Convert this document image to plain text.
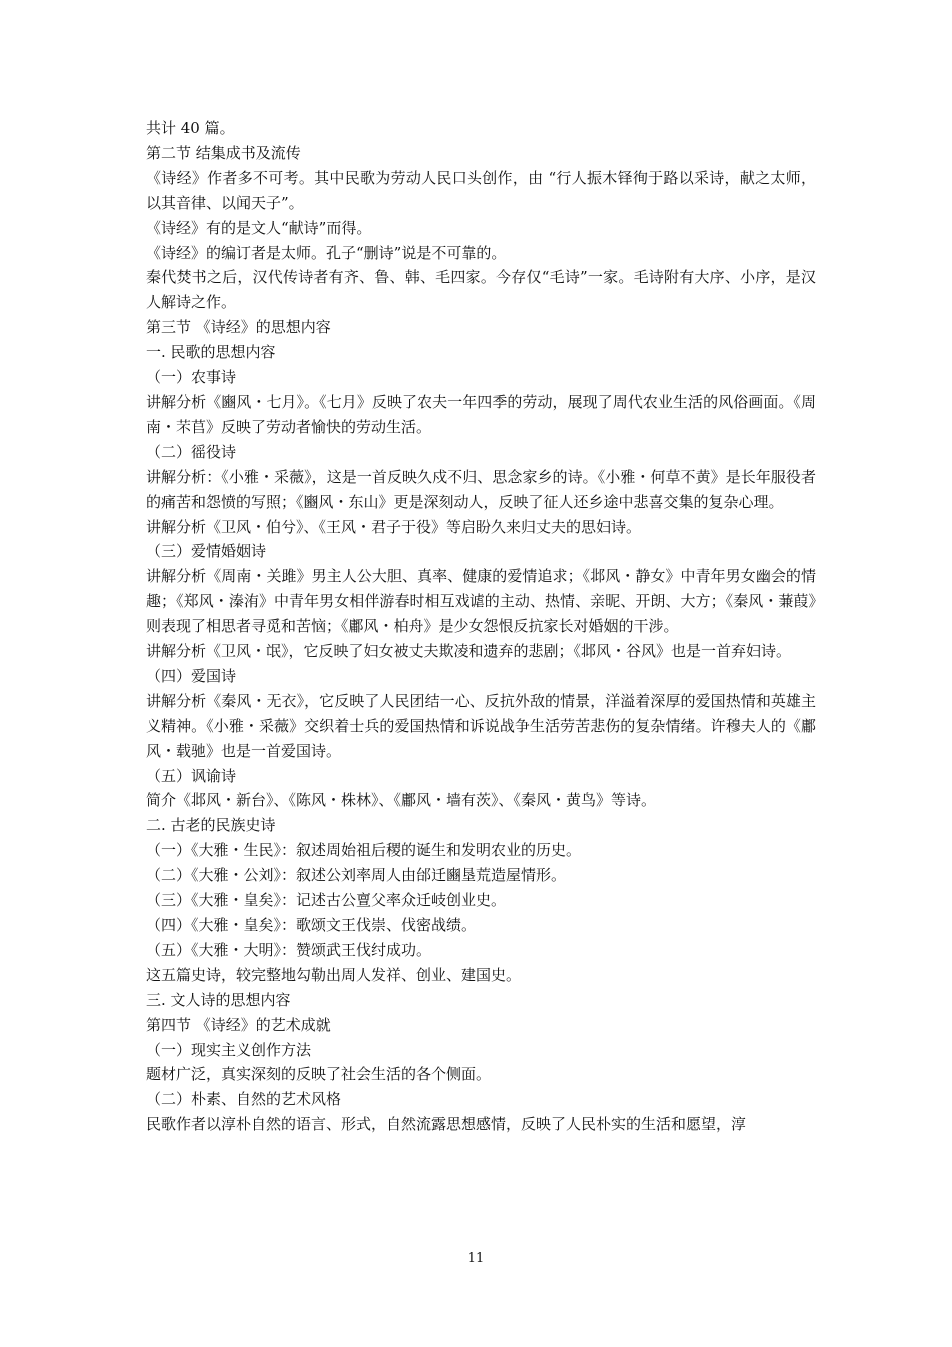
共计 40 篇。
第二节 结集成书及流传
《诗经》作者多不可考。其中民歌为劳动人民口头创作，由 “行人振木铎徇于路以采诗，献之太师，以其音律、以闻天子”。
《诗经》有的是文人“献诗”而得。
《诗经》的编订者是太师。孔子“删诗”说是不可靠的。
秦代焚书之后，汉代传诗者有齐、鲁、韩、毛四家。今存仅“毛诗”一家。毛诗附有大序、小序，是汉人解诗之作。
第三节 《诗经》的思想内容
一. 民歌的思想内容
（一）农事诗
讲解分析《豳风・七月》。《七月》反映了农夫一年四季的劳动，展现了周代农业生活的风俗画面。《周南・芣苢》反映了劳动者愉快的劳动生活。
（二）徭役诗
讲解分析：《小雅・采薇》，这是一首反映久戍不归、思念家乡的诗。《小雅・何草不黄》是长年服役者的痛苦和怨愤的写照；《豳风・东山》更是深刻动人，反映了征人还乡途中悲喜交集的复杂心理。
讲解分析《卫风・伯兮》、《王风・君子于役》等启盼久来归丈夫的思妇诗。
（三）爱情婚姻诗
讲解分析《周南・关雎》男主人公大胆、真率、健康的爱情追求；《邶风・静女》中青年男女幽会的情趣；《郑风・溱洧》中青年男女相伴游春时相互戏谑的主动、热情、亲昵、开朗、大方；《秦风・蒹葭》则表现了相思者寻觅和苦恼；《鄘风・柏舟》是少女怨恨反抗家长对婚姻的干涉。
讲解分析《卫风・氓》，它反映了妇女被丈夫欺凌和遗弃的悲剧；《邶风・谷风》也是一首弃妇诗。
（四）爱国诗
讲解分析《秦风・无衣》，它反映了人民团结一心、反抗外敌的情景，洋溢着深厚的爱国热情和英雄主义精神。《小雅・采薇》交织着士兵的爱国热情和诉说战争生活劳苦悲伤的复杂情绪。许穆夫人的《鄘风・载驰》也是一首爱国诗。
（五）讽谕诗
简介《邶风・新台》、《陈风・株林》、《鄘风・墙有茨》、《秦风・黄鸟》等诗。
二. 古老的民族史诗
（一）《大雅・生民》：叙述周始祖后稷的诞生和发明农业的历史。
（二）《大雅・公刘》：叙述公刘率周人由邰迁豳垦荒造屋情形。
（三）《大雅・皇矣》：记述古公亶父率众迁岐创业史。
（四）《大雅・皇矣》：歌颂文王伐崇、伐密战绩。
（五）《大雅・大明》：赞颂武王伐纣成功。
这五篇史诗，较完整地勾勒出周人发祥、创业、建国史。
三. 文人诗的思想内容
第四节 《诗经》的艺术成就
（一）现实主义创作方法
题材广泛，真实深刻的反映了社会生活的各个侧面。
（二）朴素、自然的艺术风格
民歌作者以淳朴自然的语言、形式，自然流露思想感情，反映了人民朴实的生活和愿望，淳
11
